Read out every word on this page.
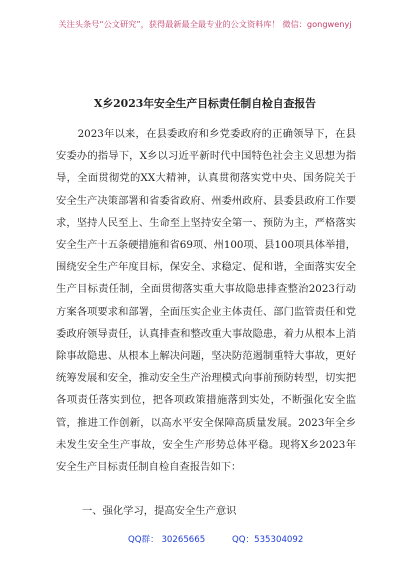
关注头条号“公文研究”，获得最新最全最专业的公文资料库！ 微信：gongwenyj
X乡2023年安全生产目标责任制自检自查报告

2023年以来，在县委政府和乡党委政府的正确领导下，在县安委办的指导下，X乡以习近平新时代中国特色社会主义思想为指导，全面贯彻党的XX大精神，认真贯彻落实党中央、国务院关于安全生产决策部署和省委省政府、州委州政府、县委县政府工作要求，坚持人民至上、生命至上坚持安全第一、预防为主，严格落实安全生产十五条硬措施和省69项、州100项、县100项具体举措，围绕安全生产年度目标，保安全、求稳定、促和谐，全面落实安全生产目标责任制，全面贯彻落实重大事故隐患排查整治2023行动方案各项要求和部署，全面压实企业主体责任、部门监管责任和党委政府领导责任，认真排查和整改重大事故隐患，着力从根本上消除事故隐患、从根本上解决问题，坚决防范遏制重特大事故，更好统筹发展和安全，推动安全生产治理模式向事前预防转型，切实把各项责任落实到位，把各项政策措施落到实处，不断强化安全监管，推进工作创新，以高水平安全保障高质量发展。2023年全乡未发生安全生产事故，安全生产形势总体平稳。现将X乡2023年安全生产目标责任制自检自查报告如下：

一、强化学习，提高安全生产意识
QQ群： 30265665	QQ：535304092
